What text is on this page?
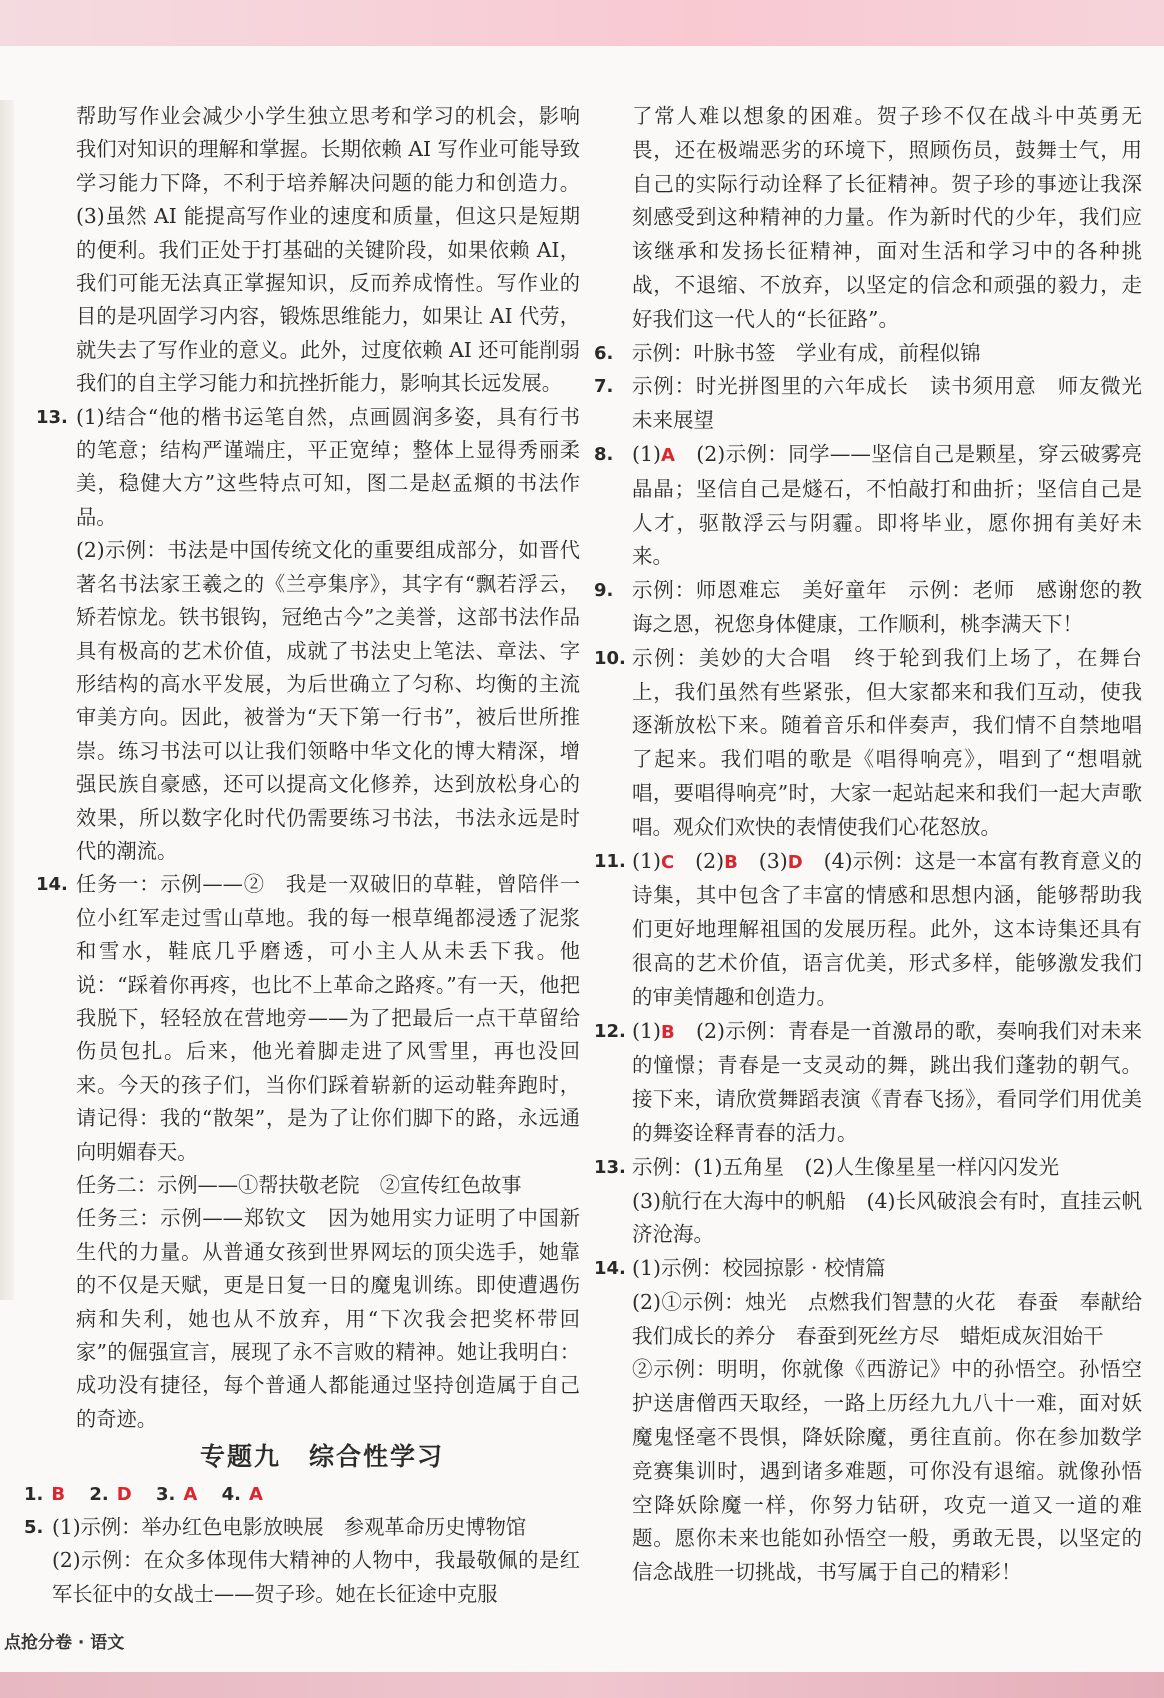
帮助写作业会减少小学生独立思考和学习的机会，影响我们对知识的理解和掌握。长期依赖 AI 写作业可能导致学习能力下降，不利于培养解决问题的能力和创造力。(3)虽然 AI 能提高写作业的速度和质量，但这只是短期的便利。我们正处于打基础的关键阶段，如果依赖 AI，我们可能无法真正掌握知识，反而养成惰性。写作业的目的是巩固学习内容，锻炼思维能力，如果让 AI 代劳，就失去了写作业的意义。此外，过度依赖 AI 还可能削弱我们的自主学习能力和抗挫折能力，影响其长远发展。

13. (1)结合“他的楷书运笔自然，点画圆润多姿，具有行书的笔意；结构严谨端庄，平正宽绰；整体上显得秀丽柔美，稳健大方”这些特点可知，图二是赵孟頫的书法作品。

(2)示例：书法是中国传统文化的重要组成部分，如晋代著名书法家王羲之的《兰亭集序》，其字有“飘若浮云，矫若惊龙。铁书银钩，冠绝古今”之美誉，这部书法作品具有极高的艺术价值，成就了书法史上笔法、章法、字形结构的高水平发展，为后世确立了匀称、均衡的主流审美方向。因此，被誉为“天下第一行书”，被后世所推崇。练习书法可以让我们领略中华文化的博大精深，增强民族自豪感，还可以提高文化修养，达到放松身心的效果，所以数字化时代仍需要练习书法，书法永远是时代的潮流。

14. 任务一：示例——②　我是一双破旧的草鞋，曾陪伴一位小红军走过雪山草地。我的每一根草绳都浸透了泥浆和雪水，鞋底几乎磨透，可小主人从未丢下我。他说：“踩着你再疼，也比不上革命之路疼。”有一天，他把我脱下，轻轻放在营地旁——为了把最后一点干草留给伤员包扎。后来，他光着脚走进了风雪里，再也没回来。今天的孩子们，当你们踩着崭新的运动鞋奔跑时，请记得：我的“散架”，是为了让你们脚下的路，永远通向明媚春天。

任务二：示例——①帮扶敬老院　②宣传红色故事

任务三：示例——郑钦文　因为她用实力证明了中国新生代的力量。从普通女孩到世界网坛的顶尖选手，她靠的不仅是天赋，更是日复一日的魔鬼训练。即使遭遇伤病和失利，她也从不放弃，用“下次我会把奖杯带回家”的倔强宣言，展现了永不言败的精神。她让我明白：成功没有捷径，每个普通人都能通过坚持创造属于自己的奇迹。

专题九 综合性学习
1. B 2. D 3. A 4. A
5. (1)示例：举办红色电影放映展　参观革命历史博物馆

(2)示例：在众多体现伟大精神的人物中，我最敬佩的是红军长征中的女战士——贺子珍。她在长征途中克服

了常人难以想象的困难。贺子珍不仅在战斗中英勇无畏，还在极端恶劣的环境下，照顾伤员，鼓舞士气，用自己的实际行动诠释了长征精神。贺子珍的事迹让我深刻感受到这种精神的力量。作为新时代的少年，我们应该继承和发扬长征精神，面对生活和学习中的各种挑战，不退缩、不放弃，以坚定的信念和顽强的毅力，走好我们这一代人的“长征路”。

6. 示例：叶脉书签　学业有成，前程似锦

7. 示例：时光拼图里的六年成长　读书须用意　师友微光　未来展望

8. (1)A　(2)示例：同学——坚信自己是颗星，穿云破雾亮晶晶；坚信自己是燧石，不怕敲打和曲折；坚信自己是人才，驱散浮云与阴霾。即将毕业，愿你拥有美好未来。

9. 示例：师恩难忘　美好童年　示例：老师　感谢您的教诲之恩，祝您身体健康，工作顺利，桃李满天下！

10. 示例：美妙的大合唱　终于轮到我们上场了，在舞台上，我们虽然有些紧张，但大家都来和我们互动，使我逐渐放松下来。随着音乐和伴奏声，我们情不自禁地唱了起来。我们唱的歌是《唱得响亮》，唱到了“想唱就唱，要唱得响亮”时，大家一起站起来和我们一起大声歌唱。观众们欢快的表情使我们心花怒放。

11. (1)C　(2)B　(3)D　(4)示例：这是一本富有教育意义的诗集，其中包含了丰富的情感和思想内涵，能够帮助我们更好地理解祖国的发展历程。此外，这本诗集还具有很高的艺术价值，语言优美，形式多样，能够激发我们的审美情趣和创造力。

12. (1)B　(2)示例：青春是一首激昂的歌，奏响我们对未来的憧憬；青春是一支灵动的舞，跳出我们蓬勃的朝气。接下来，请欣赏舞蹈表演《青春飞扬》，看同学们用优美的舞姿诠释青春的活力。

13. 示例：(1)五角星　(2)人生像星星一样闪闪发光

(3)航行在大海中的帆船　(4)长风破浪会有时，直挂云帆济沧海。

14. (1)示例：校园掠影 · 校情篇

(2)①示例：烛光　点燃我们智慧的火花　春蚕　奉献给我们成长的养分　春蚕到死丝方尽　蜡炬成灰泪始干

②示例：明明，你就像《西游记》中的孙悟空。孙悟空护送唐僧西天取经，一路上历经九九八十一难，面对妖魔鬼怪毫不畏惧，降妖除魔，勇往直前。你在参加数学竞赛集训时，遇到诸多难题，可你没有退缩。就像孙悟空降妖除魔一样，你努力钻研，攻克一道又一道的难题。愿你未来也能如孙悟空一般，勇敢无畏，以坚定的信念战胜一切挑战，书写属于自己的精彩！

点抢分卷 · 语文
